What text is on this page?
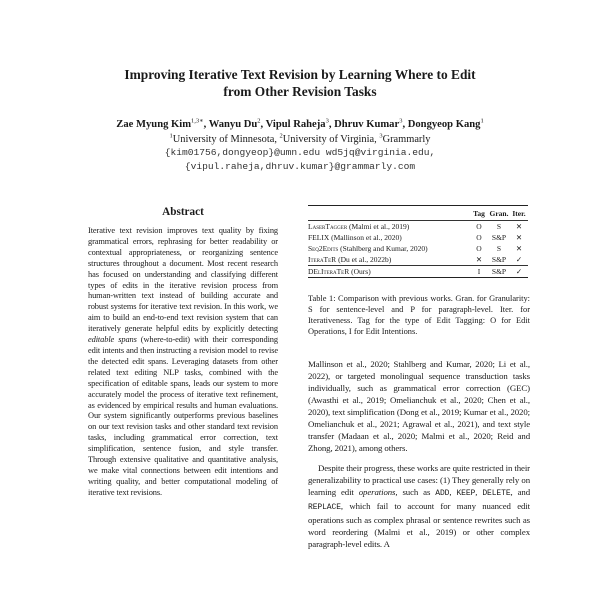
Improving Iterative Text Revision by Learning Where to Edit
from Other Revision Tasks
Zae Myung Kim$^{1,3∗}$, Wanyu Du$^2$, Vipul Raheja$^3$, Dhruv Kumar$^3$, Dongyeop Kang$^1$
$^1$University of Minnesota, $^2$University of Virginia, $^3$Grammarly
{kim01756,dongyeop}@umn.edu wd5jq@virginia.edu,
{vipul.raheja,dhruv.kumar}@grammarly.com
Abstract
Iterative text revision improves text quality by fixing grammatical errors, rephrasing for better readability or contextual appropriateness, or reorganizing sentence structures throughout a document. Most recent research has focused on understanding and classifying different types of edits in the iterative revision process from human-written text instead of building accurate and robust systems for iterative text revision. In this work, we aim to build an end-to-end text revision system that can iteratively generate helpful edits by explicitly detecting editable spans (where-to-edit) with their corresponding edit intents and then instructing a revision model to revise the detected edit spans. Leveraging datasets from other related text editing NLP tasks, combined with the specification of editable spans, leads our system to more accurately model the process of iterative text refinement, as evidenced by empirical results and human evaluations. Our system significantly outperforms previous baselines on our text revision tasks and other standard text revision tasks, including grammatical error correction, text simplification, sentence fusion, and style transfer. Through extensive qualitative and quantitative analysis, we make vital connections between edit intentions and writing quality, and better computational modeling of iterative text revisions.
Tag Gran. Iter.
LaserTagger (Malmi et al., 2019)	O	S	✕
FELIX (Mallinson et al., 2020)	O	S&P	✕
Seq2Edits (Stahlberg and Kumar, 2020)	O	S	✕
IteraTeR (Du et al., 2022b)	✕	S&P	✓
DElIteraTeR (Ours)	I	S&P	✓
Table 1: Comparison with previous works. Gran. for Granularity: S for sentence-level and P for paragraph-level. Iter. for Iterativeness. Tag for the type of Edit Tagging: O for Edit Operations, I for Edit Intentions.

Mallinson et al., 2020; Stahlberg and Kumar, 2020; Li et al., 2022), or targeted monolingual sequence transduction tasks individually, such as grammatical error correction (GEC) (Awasthi et al., 2019; Omelianchuk et al., 2020; Chen et al., 2020), text simplification (Dong et al., 2019; Kumar et al., 2020; Omelianchuk et al., 2021; Agrawal et al., 2021), and text style transfer (Madaan et al., 2020; Malmi et al., 2020; Reid and Zhong, 2021), among others.

Despite their progress, these works are quite restricted in their generalizability to practical use cases: (1) They generally rely on learning edit operations, such as ADD, KEEP, DELETE, and REPLACE, which fail to account for many nuanced edit operations such as complex phrasal or sentence rewrites such as word reordering (Malmi et al., 2019) or other complex paragraph-level edits. A
